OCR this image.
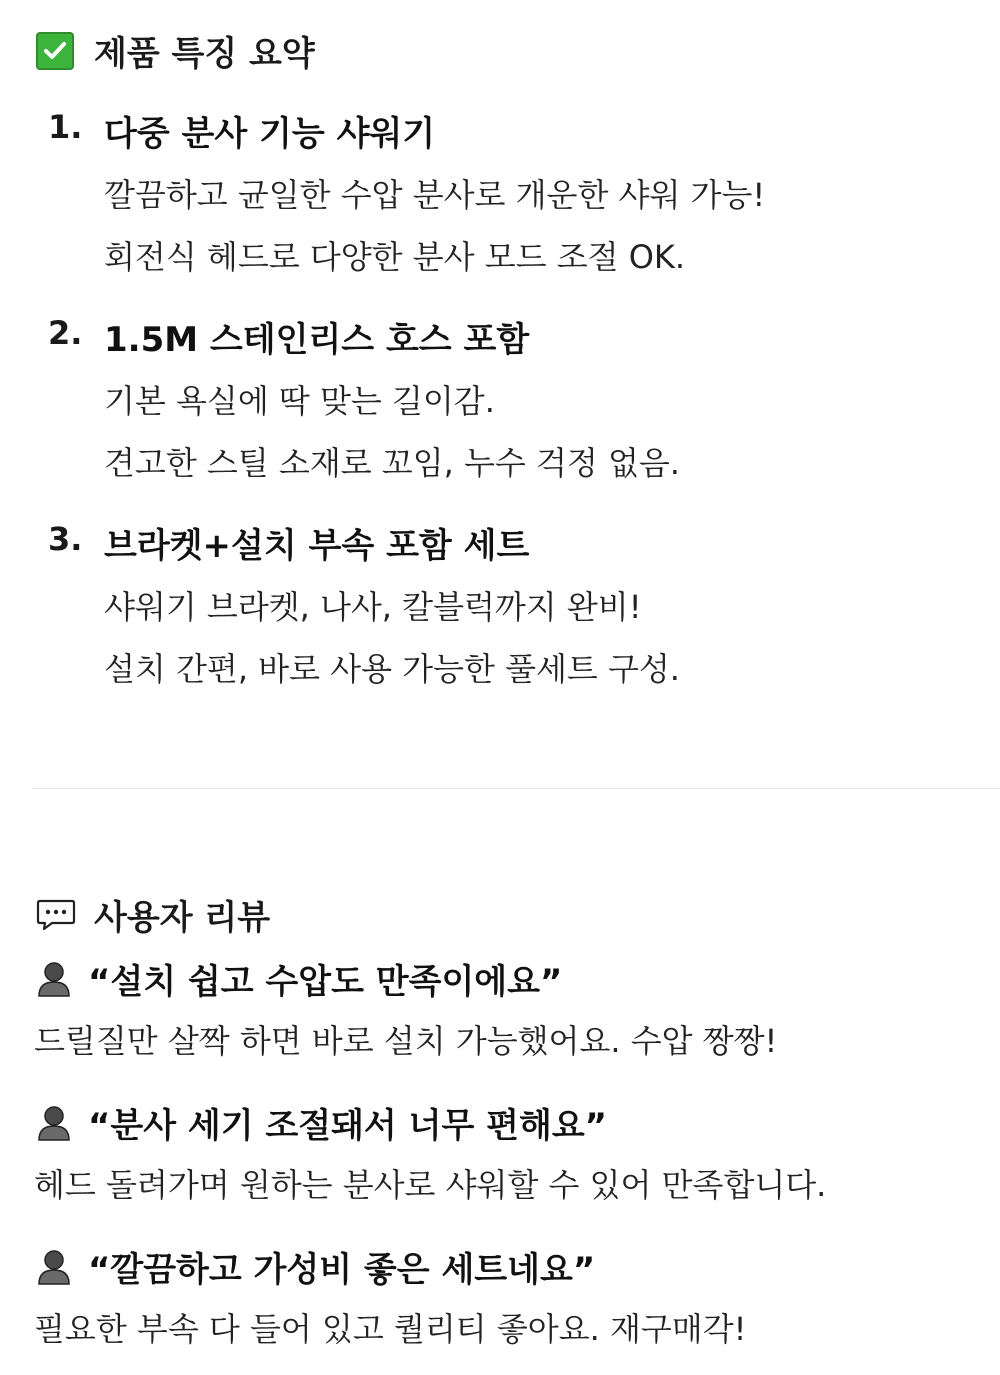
제품 특징 요약
1. 다중 분사 기능 샤워기
깔끔하고 균일한 수압 분사로 개운한 샤워 가능!
회전식 헤드로 다양한 분사 모드 조절 OK.
2. 1.5M 스테인리스 호스 포함
기본 욕실에 딱 맞는 길이감.
견고한 스틸 소재로 꼬임, 누수 걱정 없음.
3. 브라켓+설치 부속 포함 세트
샤워기 브라켓, 나사, 칼블럭까지 완비!
설치 간편, 바로 사용 가능한 풀세트 구성.
사용자 리뷰
“설치 쉽고 수압도 만족이에요”
드릴질만 살짝 하면 바로 설치 가능했어요. 수압 짱짱!
“분사 세기 조절돼서 너무 편해요”
헤드 돌려가며 원하는 분사로 샤워할 수 있어 만족합니다.
“깔끔하고 가성비 좋은 세트네요”
필요한 부속 다 들어 있고 퀄리티 좋아요. 재구매각!
